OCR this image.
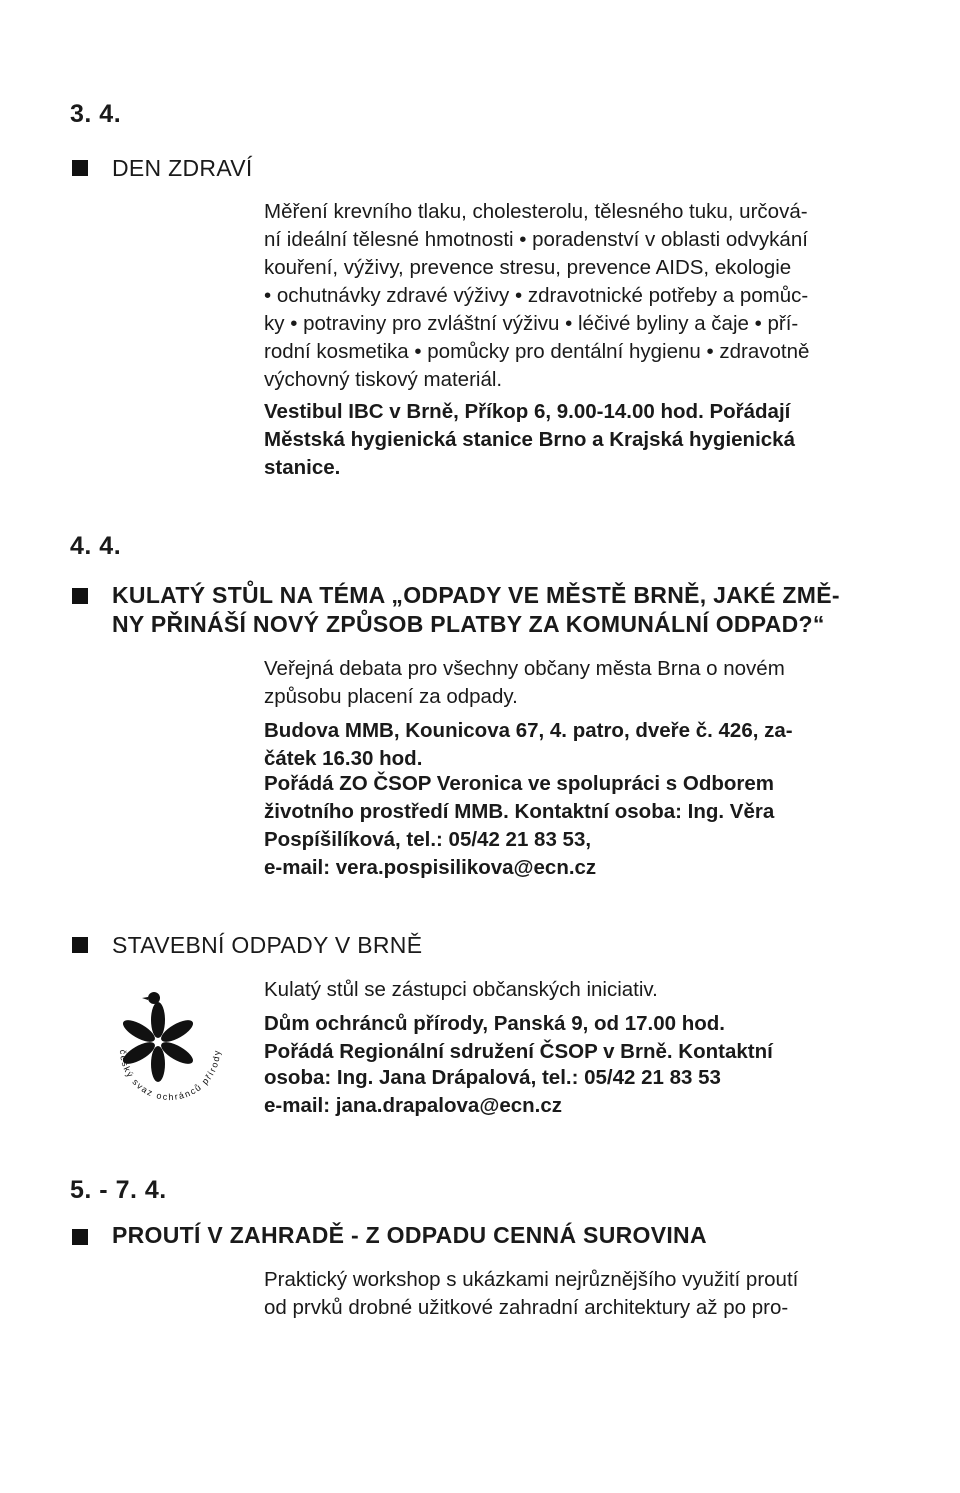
3. 4.
DEN ZDRAVÍ
Měření krevního tlaku, cholesterolu, tělesného tuku, určová-
ní ideální tělesné hmotnosti • poradenství v oblasti odvykání
kouření, výživy, prevence stresu, prevence AIDS, ekologie
• ochutnávky zdravé výživy • zdravotnické potřeby a pomůc-
ky • potraviny pro zvláštní výživu • léčivé byliny a čaje • pří-
rodní kosmetika • pomůcky pro dentální hygienu • zdravotně
výchovný tiskový materiál.
Vestibul IBC v Brně, Příkop 6, 9.00-14.00 hod. Pořádají
Městská hygienická stanice Brno a Krajská hygienická
stanice.
4. 4.
KULATÝ STŮL NA TÉMA „ODPADY VE MĚSTĚ BRNĚ, JAKÉ ZMĚ-
NY PŘINÁŠÍ NOVÝ ZPŮSOB PLATBY ZA KOMUNÁLNÍ ODPAD?“
Veřejná debata pro všechny občany města Brna o novém
způsobu placení za odpady.
Budova MMB, Kounicova 67, 4. patro, dveře č. 426, za-
čátek 16.30 hod.
Pořádá ZO ČSOP Veronica ve spolupráci s Odborem
životního prostředí MMB. Kontaktní osoba: Ing. Věra
Pospíšilíková, tel.: 05/42 21 83 53,
e-mail: vera.pospisilikova@ecn.cz
STAVEBNÍ ODPADY V BRNĚ
český svaz ochránců přírody
Kulatý stůl se zástupci občanských iniciativ.
Dům ochránců přírody, Panská 9, od 17.00 hod.
Pořádá Regionální sdružení ČSOP v Brně. Kontaktní
osoba: Ing. Jana Drápalová, tel.: 05/42 21 83 53
e-mail: jana.drapalova@ecn.cz
5. - 7. 4.
PROUTÍ V ZAHRADĚ - Z ODPADU CENNÁ SUROVINA
Praktický workshop s ukázkami nejrůznějšího využití proutí
od prvků drobné užitkové zahradní architektury až po pro-
